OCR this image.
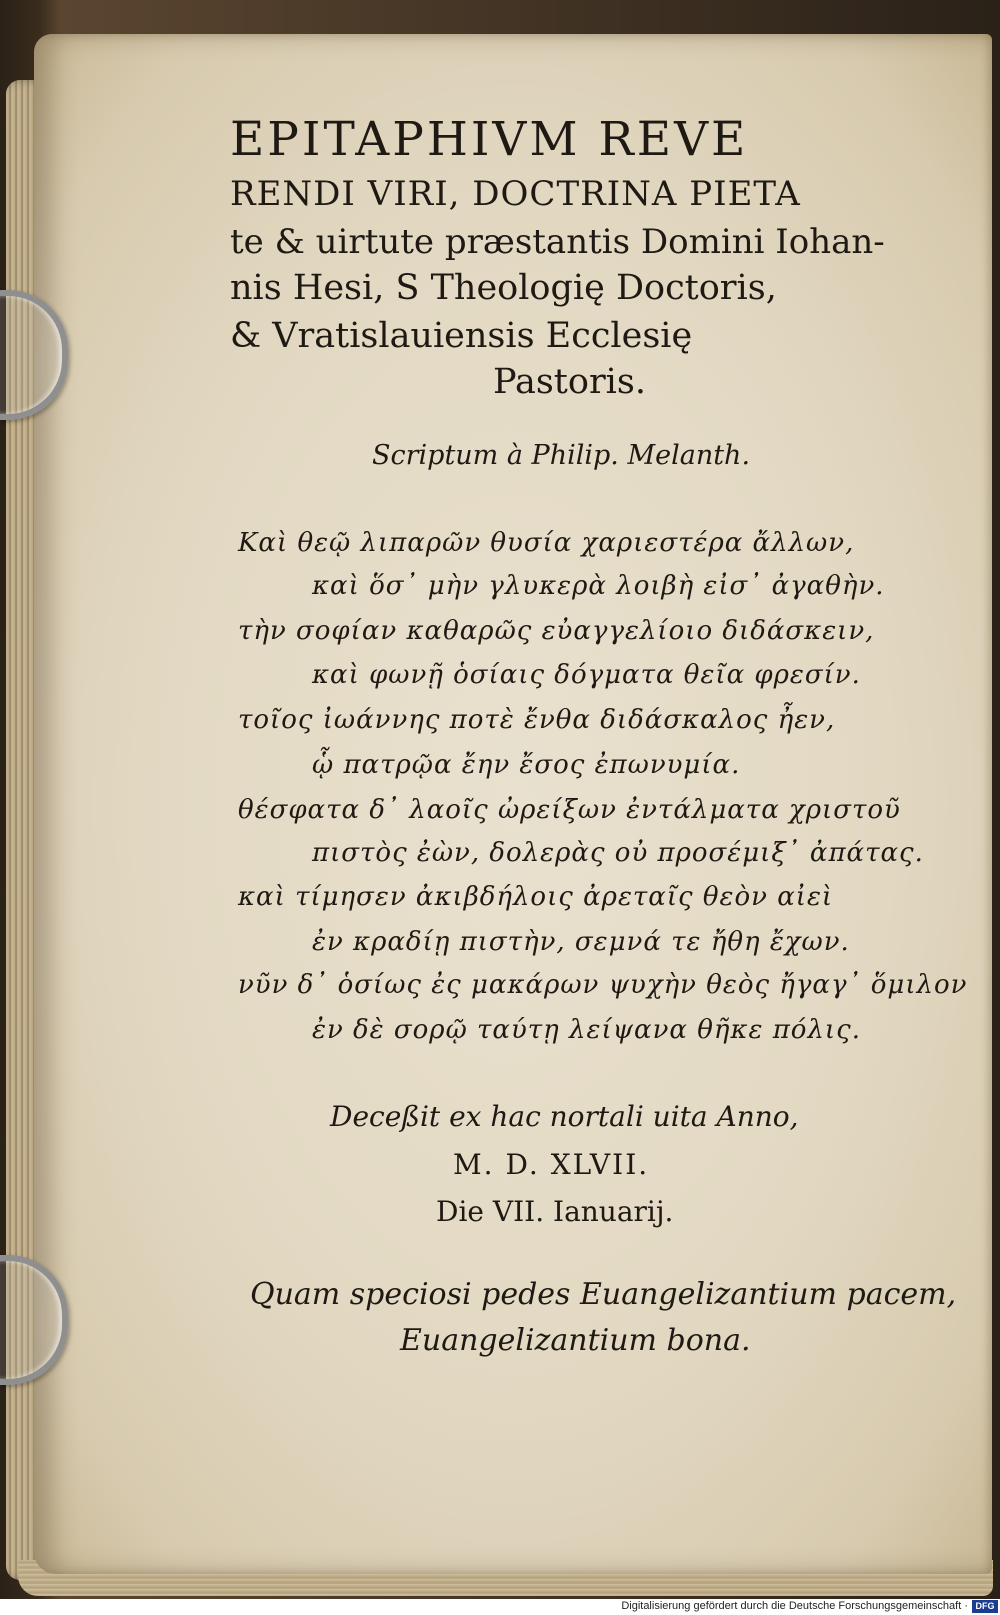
EPITAPHIVM REVE
RENDI VIRI, DOCTRINA PIETA
te & uirtute præstantis Domini Iohan-
nis Hesi, S Theologię Doctoris,
& Vratislauiensis Ecclesię
Pastoris.
Scriptum à Philip. Melanth.
Καὶ θεῷ λιπαρῶν θυσία χαριεστέρα ἄλλων,
καὶ ὅσ᾽ μὴν γλυκερὰ λοιβὴ εἰσ᾽ ἀγαθὴν.
τὴν σοφίαν καθαρῶς εὐαγγελίοιο διδάσκειν,
καὶ φωνῇ ὁσίαις δόγματα θεῖα φρεσίν.
τοῖος ἰωάννης ποτὲ ἔνθα διδάσκαλος ἦεν,
ᾧ πατρῷα ἔην ἔσος ἐπωνυμία.
θέσφατα δ᾽ λαοῖς ὠρείξων ἐντάλματα χριστοῦ
πιστὸς ἐὼν, δολερὰς οὐ προσέμιξ᾽ ἀπάτας.
καὶ τίμησεν ἀκιβδήλοις ἀρεταῖς θεὸν αἰεὶ
ἐν κραδίῃ πιστὴν, σεμνά τε ἤθη ἔχων.
νῦν δ᾽ ὁσίως ἐς μακάρων ψυχὴν θεὸς ἤγαγ᾽ ὅμιλον
ἐν δὲ σορῷ ταύτῃ λείψανα θῆκε πόλις.
Deceßit ex hac nortali uita Anno,
M. D. XLVII.
Die VII. Ianuarij.
Quam speciosi pedes Euangelizantium pacem,
Euangelizantium bona.
Digitalisierung gefördert durch die Deutsche Forschungsgemeinschaft · DFG
